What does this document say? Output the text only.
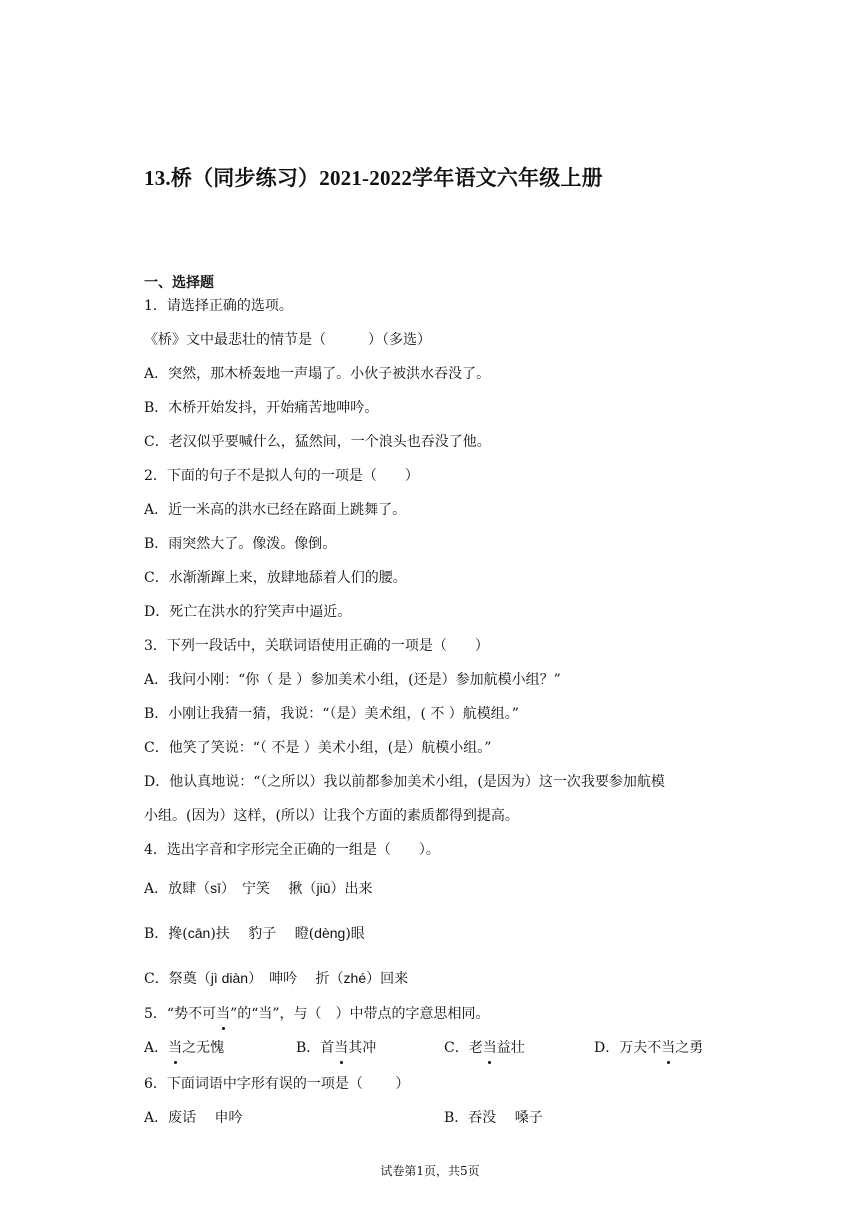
13.桥（同步练习）2021-2022学年语文六年级上册
一、选择题
1．请选择正确的选项。
《桥》文中最悲壮的情节是（　　　）（多选）
A．突然，那木桥轰地一声塌了。小伙子被洪水吞没了。
B．木桥开始发抖，开始痛苦地呻吟。
C．老汉似乎要喊什么，猛然间，一个浪头也吞没了他。
2．下面的句子不是拟人句的一项是（　　）
A．近一米高的洪水已经在路面上跳舞了。
B．雨突然大了。像泼。像倒。
C．水渐渐蹿上来，放肆地舔着人们的腰。
D．死亡在洪水的狞笑声中逼近。
3．下列一段话中，关联词语使用正确的一项是（　　）
A．我问小刚：“你（ 是 ）参加美术小组，(还是）参加航模小组？”
B．小刚让我猜一猜，我说：“（是）美术组，( 不 ）航模组。”
C．他笑了笑说：“（ 不是 ）美术小组，(是）航模小组。”
D．他认真地说：“（之所以）我以前都参加美术小组，(是因为）这一次我要参加航模
小组。(因为）这样，(所以）让我个方面的素质都得到提高。
4．选出字音和字形完全正确的一组是（　　）。
A．放肆（sī）　宁笑　 揪（jiū）出来
B．搀(cān)扶　 豹子　 瞪(dèng)眼
C．祭奠（jì diàn）　呻吟　 折（zhé）回来
5．“势不可当”的“当”，与（　）中带点的字意思相同。
A．当之无愧	B．首当其冲	C．老当益壮	D．万夫不当之勇
6．下面词语中字形有误的一项是（　　 ）
A．废话　 申吟	B．吞没　 嗓子
试卷第1页，共5页
